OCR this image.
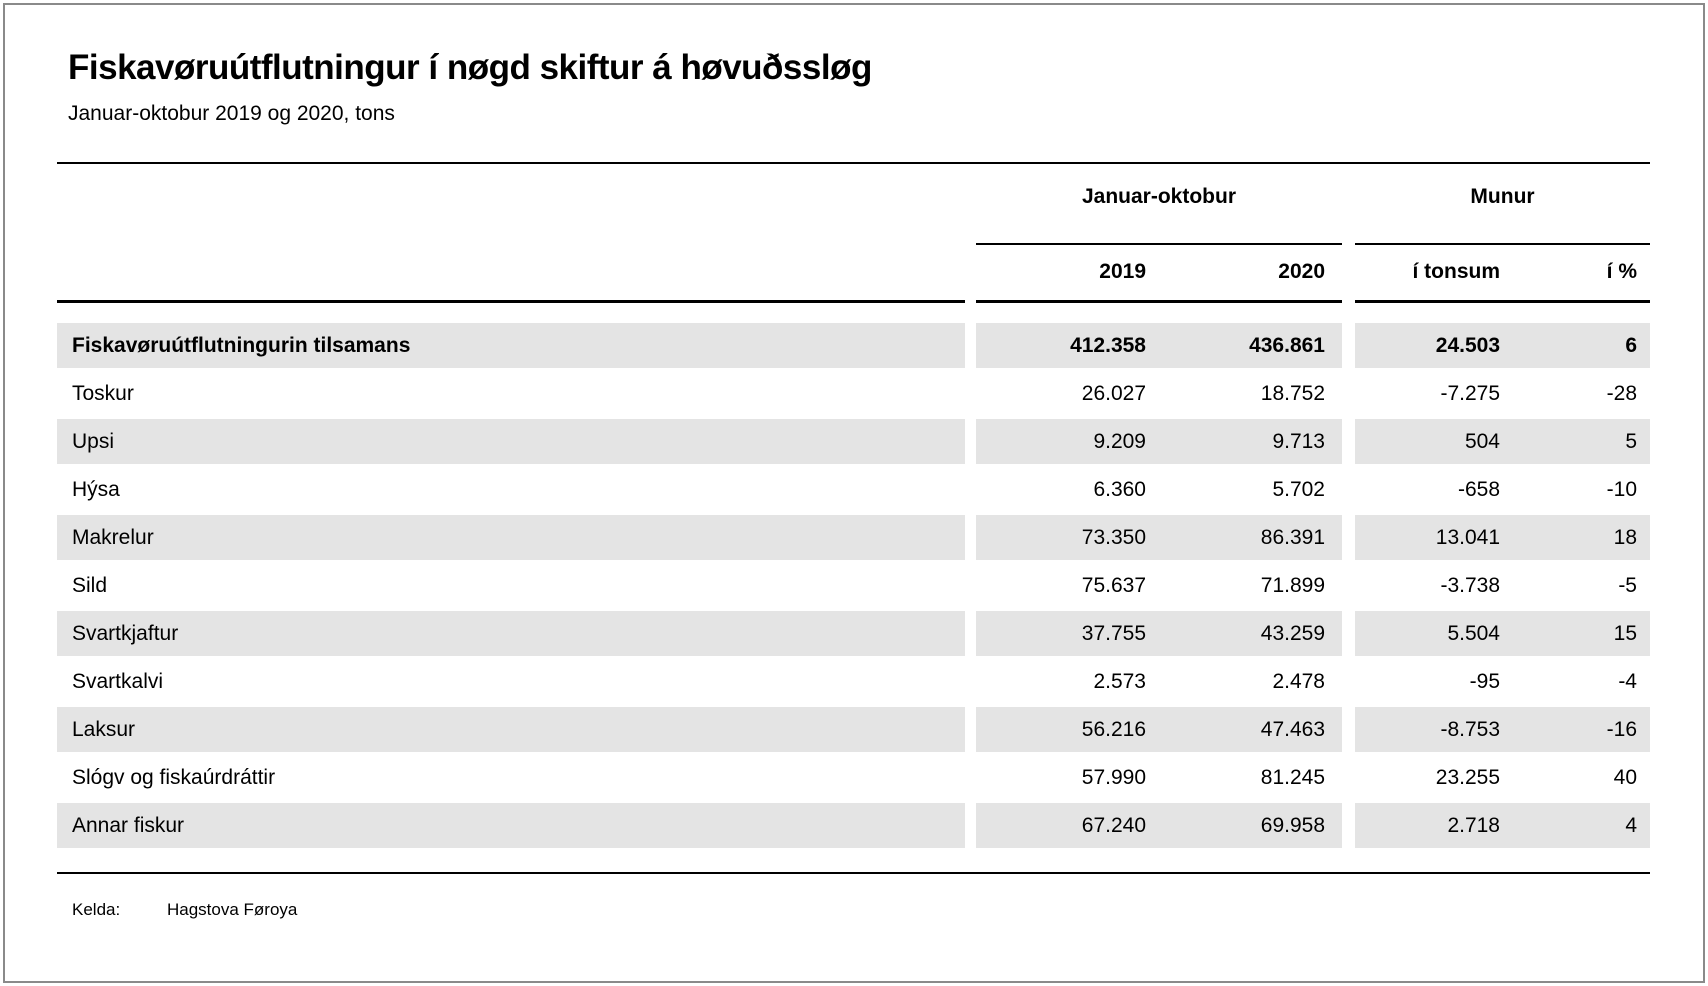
Fiskavøruútflutningur í nøgd skiftur á høvuðssløg
Januar-oktobur 2019 og 2020, tons
Januar-oktobur	Munur
2019	2020	í tonsum	í %
Fiskavøruútflutningurin tilsamans	412.358	436.861	24.503	6
Toskur	26.027	18.752	-7.275	-28
Upsi	9.209	9.713	504	5
Hýsa	6.360	5.702	-658	-10
Makrelur	73.350	86.391	13.041	18
Sild	75.637	71.899	-3.738	-5
Svartkjaftur	37.755	43.259	5.504	15
Svartkalvi	2.573	2.478	-95	-4
Laksur	56.216	47.463	-8.753	-16
Slógv og fiskaúrdráttir	57.990	81.245	23.255	40
Annar fiskur	67.240	69.958	2.718	4
Kelda:	Hagstova Føroya
